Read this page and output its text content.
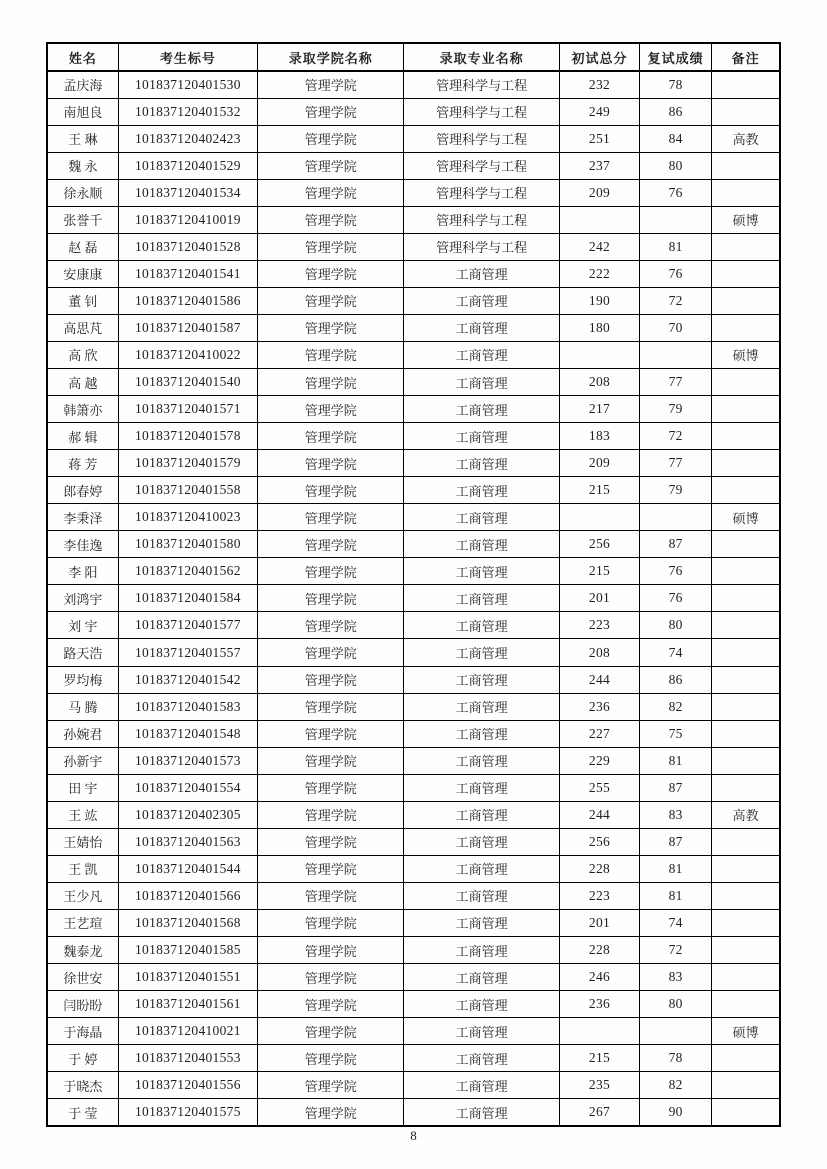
姓名	考生标号	录取学院名称	录取专业名称	初试总分	复试成绩	备注
孟庆海	101837120401530	管理学院	管理科学与工程	232	78	
南旭良	101837120401532	管理学院	管理科学与工程	249	86	
王 琳	101837120402423	管理学院	管理科学与工程	251	84	高教
魏 永	101837120401529	管理学院	管理科学与工程	237	80	
徐永顺	101837120401534	管理学院	管理科学与工程	209	76	
张誉千	101837120410019	管理学院	管理科学与工程			硕博
赵 磊	101837120401528	管理学院	管理科学与工程	242	81	
安康康	101837120401541	管理学院	工商管理	222	76	
董 钊	101837120401586	管理学院	工商管理	190	72	
高思芃	101837120401587	管理学院	工商管理	180	70	
高 欣	101837120410022	管理学院	工商管理			硕博
高 越	101837120401540	管理学院	工商管理	208	77	
韩箫亦	101837120401571	管理学院	工商管理	217	79	
郝 辑	101837120401578	管理学院	工商管理	183	72	
蒋 芳	101837120401579	管理学院	工商管理	209	77	
郎春婷	101837120401558	管理学院	工商管理	215	79	
李秉泽	101837120410023	管理学院	工商管理			硕博
李佳逸	101837120401580	管理学院	工商管理	256	87	
李 阳	101837120401562	管理学院	工商管理	215	76	
刘鸿宇	101837120401584	管理学院	工商管理	201	76	
刘 宇	101837120401577	管理学院	工商管理	223	80	
路天浩	101837120401557	管理学院	工商管理	208	74	
罗均梅	101837120401542	管理学院	工商管理	244	86	
马 腾	101837120401583	管理学院	工商管理	236	82	
孙婉君	101837120401548	管理学院	工商管理	227	75	
孙新宇	101837120401573	管理学院	工商管理	229	81	
田 宇	101837120401554	管理学院	工商管理	255	87	
王 竑	101837120402305	管理学院	工商管理	244	83	高教
王婧怡	101837120401563	管理学院	工商管理	256	87	
王 凯	101837120401544	管理学院	工商管理	228	81	
王少凡	101837120401566	管理学院	工商管理	223	81	
王艺瑄	101837120401568	管理学院	工商管理	201	74	
魏泰龙	101837120401585	管理学院	工商管理	228	72	
徐世安	101837120401551	管理学院	工商管理	246	83	
闫盼盼	101837120401561	管理学院	工商管理	236	80	
于海晶	101837120410021	管理学院	工商管理			硕博
于 婷	101837120401553	管理学院	工商管理	215	78	
于晓杰	101837120401556	管理学院	工商管理	235	82	
于 莹	101837120401575	管理学院	工商管理	267	90	
8
